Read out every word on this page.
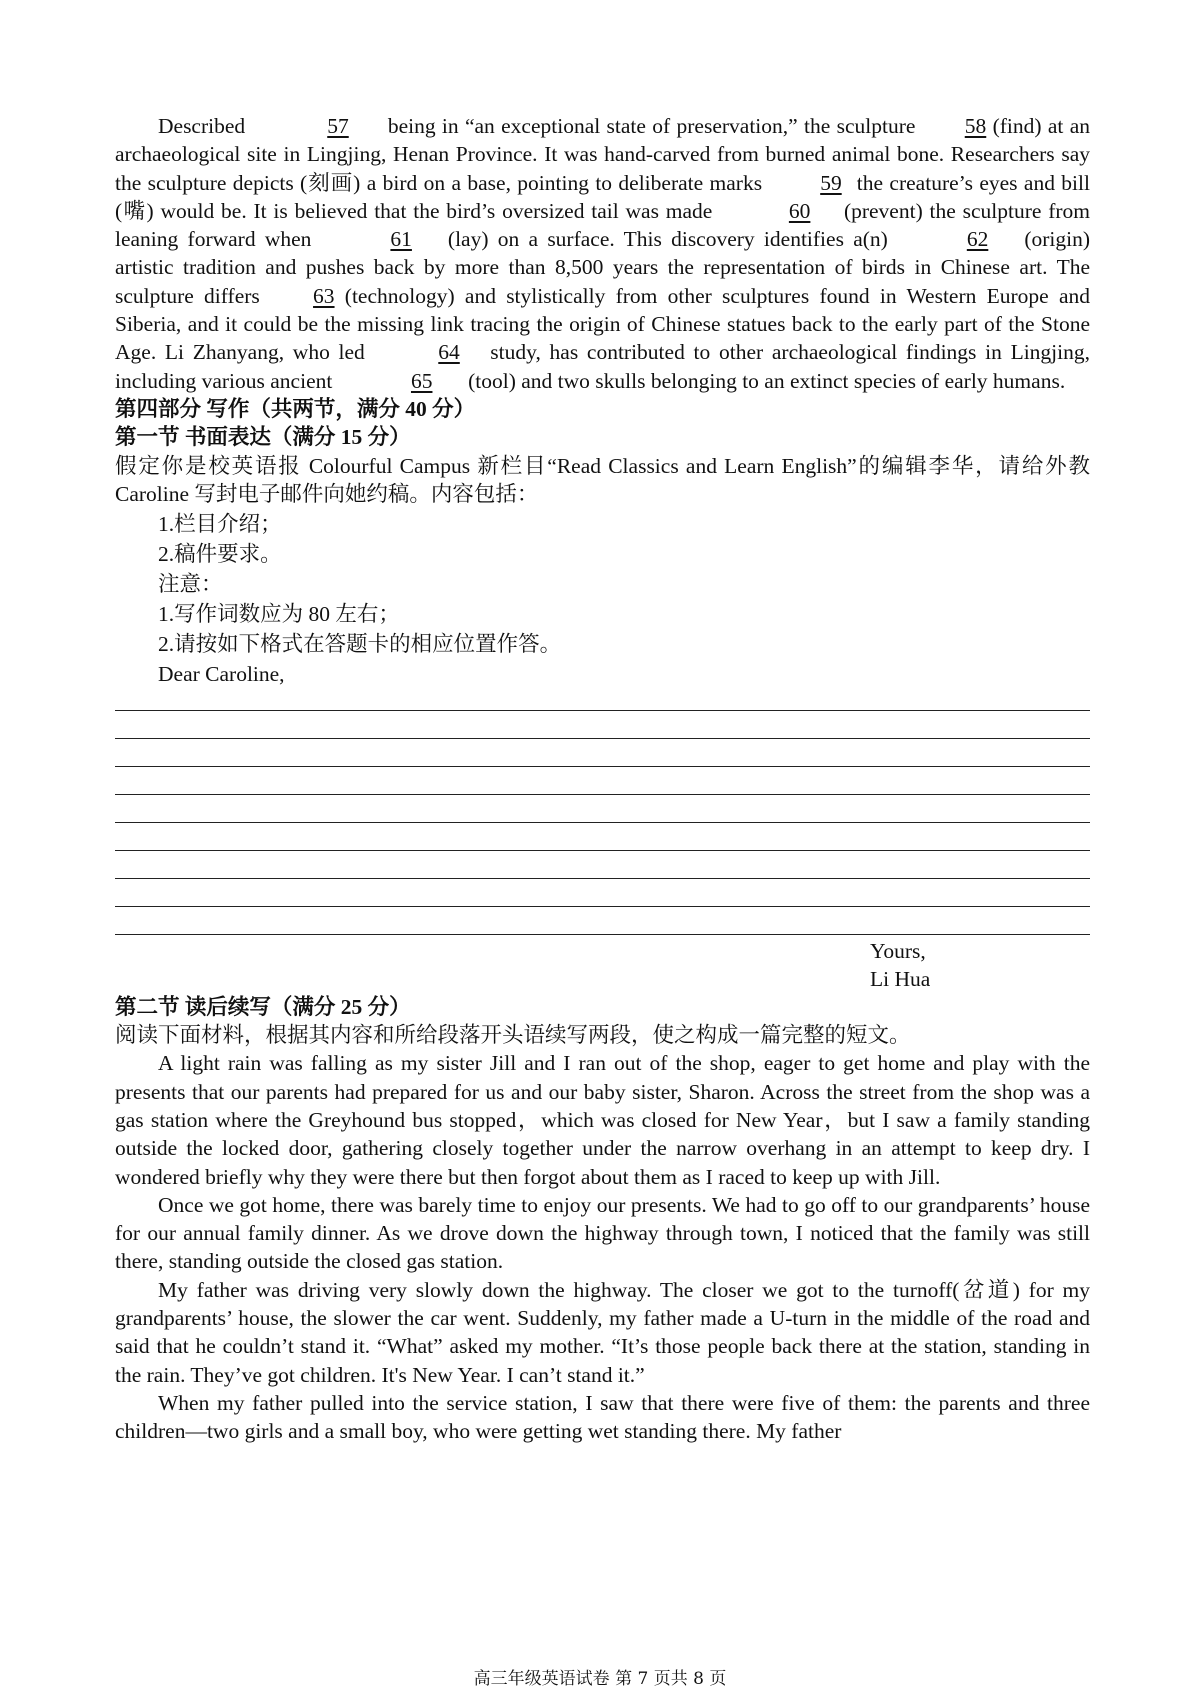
Described	57 being in “an exceptional state of preservation,” the sculpture 58 (find) at an archaeological site in Lingjing, Henan Province. It was hand-carved from burned animal bone. Researchers say the sculpture depicts (刻画) a bird on a base, pointing to deliberate marks 59 the creature’s eyes and bill (嘴) would be. It is believed that the bird’s oversized tail was made	60 (prevent) the sculpture from leaning forward when	61 (lay) on a surface. This discovery identifies a(n)	62 (origin) artistic tradition and pushes back by more than 8,500 years the representation of birds in Chinese art. The sculpture differs 63 (technology) and stylistically from other sculptures found in Western Europe and Siberia, and it could be the missing link tracing the origin of Chinese statues back to the early part of the Stone Age. Li Zhanyang, who led	64 study, has contributed to other archaeological findings in Lingjing, including various ancient	65 (tool) and two skulls belonging to an extinct species of early humans.

第四部分 写作（共两节，满分 40 分）
第一节 书面表达（满分 15 分）

假定你是校英语报 Colourful Campus 新栏目“Read Classics and Learn English”的编辑李华，请给外教 Caroline 写封电子邮件向她约稿。内容包括：

1.栏目介绍；
2.稿件要求。
注意：
1.写作词数应为 80 左右；
2.请按如下格式在答题卡的相应位置作答。
Dear Caroline,
Yours,
Li Hua
第二节 读后续写（满分 25 分）

阅读下面材料，根据其内容和所给段落开头语续写两段，使之构成一篇完整的短文。

A light rain was falling as my sister Jill and I ran out of the shop, eager to get home and play with the presents that our parents had prepared for us and our baby sister, Sharon. Across the street from the shop was a gas station where the Greyhound bus stopped，which was closed for New Year，but I saw a family standing outside the locked door, gathering closely together under the narrow overhang in an attempt to keep dry. I wondered briefly why they were there but then forgot about them as I raced to keep up with Jill.

Once we got home, there was barely time to enjoy our presents. We had to go off to our grandparents’ house for our annual family dinner. As we drove down the highway through town, I noticed that the family was still there, standing outside the closed gas station.

My father was driving very slowly down the highway. The closer we got to the turnoff(岔道) for my grandparents’ house, the slower the car went. Suddenly, my father made a U-turn in the middle of the road and said that he couldn’t stand it. “What” asked my mother. “It’s those people back there at the station, standing in the rain. They’ve got children. It's New Year. I can’t stand it.”

When my father pulled into the service station, I saw that there were five of them: the parents and three children—two girls and a small boy, who were getting wet standing there. My father

高三年级英语试卷 第 7 页共 8 页
